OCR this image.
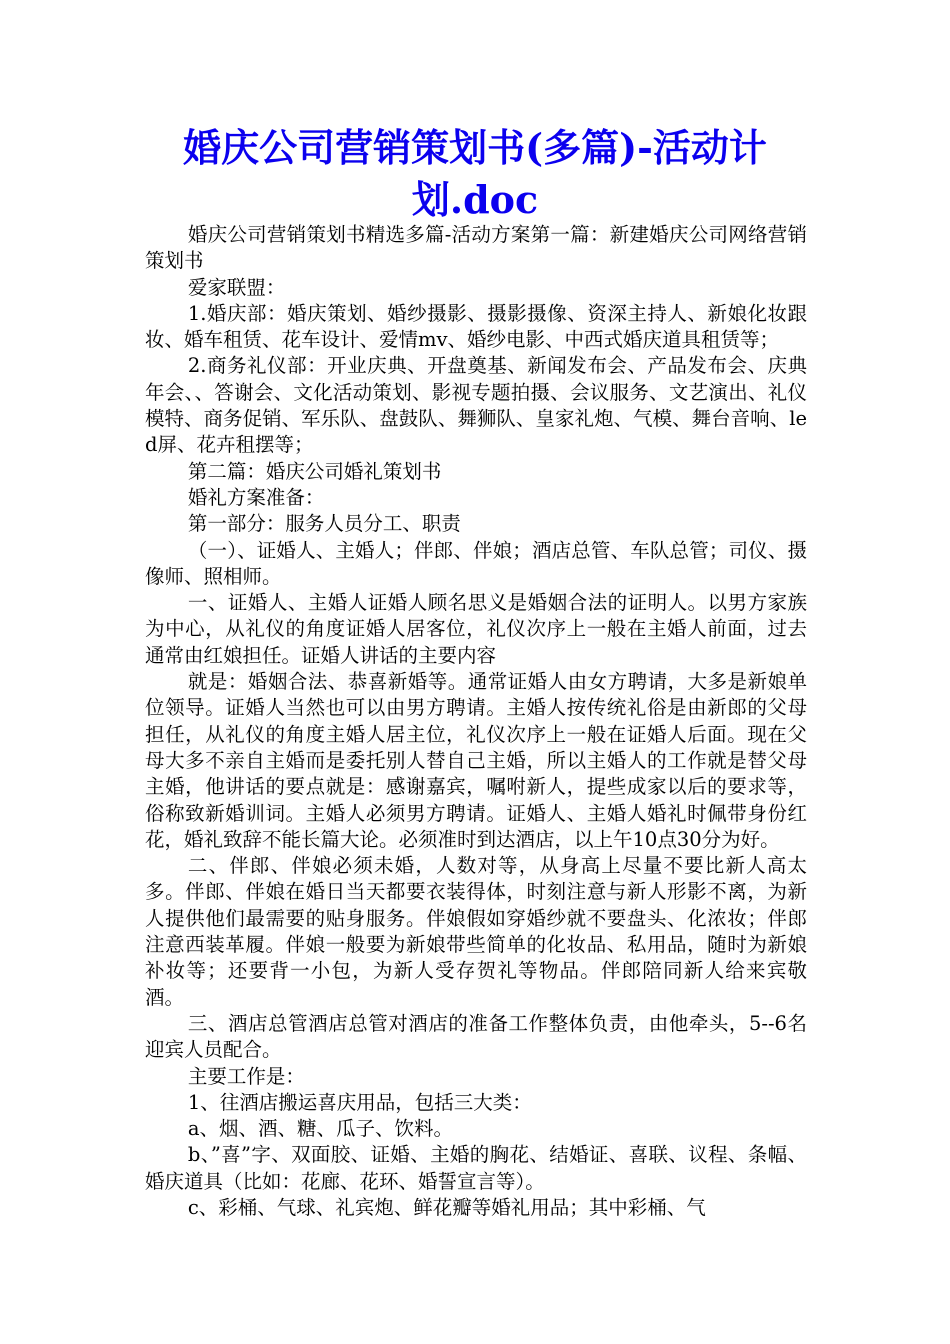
婚庆公司营销策划书(多篇)-活动计划.doc

婚庆公司营销策划书精选多篇-活动方案第一篇：新建婚庆公司网络营销策划书

爱家联盟：

1.婚庆部：婚庆策划、婚纱摄影、摄影摄像、资深主持人、新娘化妆跟妆、婚车租赁、花车设计、爱情mv、婚纱电影、中西式婚庆道具租赁等；

2.商务礼仪部：开业庆典、开盘奠基、新闻发布会、产品发布会、庆典年会、、答谢会、文化活动策划、影视专题拍摄、会议服务、文艺演出、礼仪模特、商务促销、军乐队、盘鼓队、舞狮队、皇家礼炮、气模、舞台音响、led屏、花卉租摆等；

第二篇：婚庆公司婚礼策划书

婚礼方案准备：

第一部分：服务人员分工、职责

（一）、证婚人、主婚人；伴郎、伴娘；酒店总管、车队总管；司仪、摄像师、照相师。

一、证婚人、主婚人证婚人顾名思义是婚姻合法的证明人。以男方家族为中心，从礼仪的角度证婚人居客位，礼仪次序上一般在主婚人前面，过去通常由红娘担任。证婚人讲话的主要内容

就是：婚姻合法、恭喜新婚等。通常证婚人由女方聘请，大多是新娘单位领导。证婚人当然也可以由男方聘请。主婚人按传统礼俗是由新郎的父母担任，从礼仪的角度主婚人居主位，礼仪次序上一般在证婚人后面。现在父母大多不亲自主婚而是委托别人替自己主婚，所以主婚人的工作就是替父母主婚，他讲话的要点就是：感谢嘉宾，嘱咐新人，提些成家以后的要求等，俗称致新婚训词。主婚人必须男方聘请。证婚人、主婚人婚礼时佩带身份红花，婚礼致辞不能长篇大论。必须准时到达酒店，以上午10点30分为好。

二、伴郎、伴娘必须未婚，人数对等，从身高上尽量不要比新人高太多。伴郎、伴娘在婚日当天都要衣装得体，时刻注意与新人形影不离，为新人提供他们最需要的贴身服务。伴娘假如穿婚纱就不要盘头、化浓妆；伴郎注意西装革履。伴娘一般要为新娘带些简单的化妆品、私用品，随时为新娘补妆等；还要背一小包，为新人受存贺礼等物品。伴郎陪同新人给来宾敬酒。

三、酒店总管酒店总管对酒店的准备工作整体负责，由他牵头，5--6名迎宾人员配合。

主要工作是：

1、往酒店搬运喜庆用品，包括三大类：

a、烟、酒、糖、瓜子、饮料。

b、”喜”字、双面胶、证婚、主婚的胸花、结婚证、喜联、议程、条幅、婚庆道具（比如：花廊、花环、婚誓宣言等）。

c、彩桶、气球、礼宾炮、鲜花瓣等婚礼用品；其中彩桶、气
